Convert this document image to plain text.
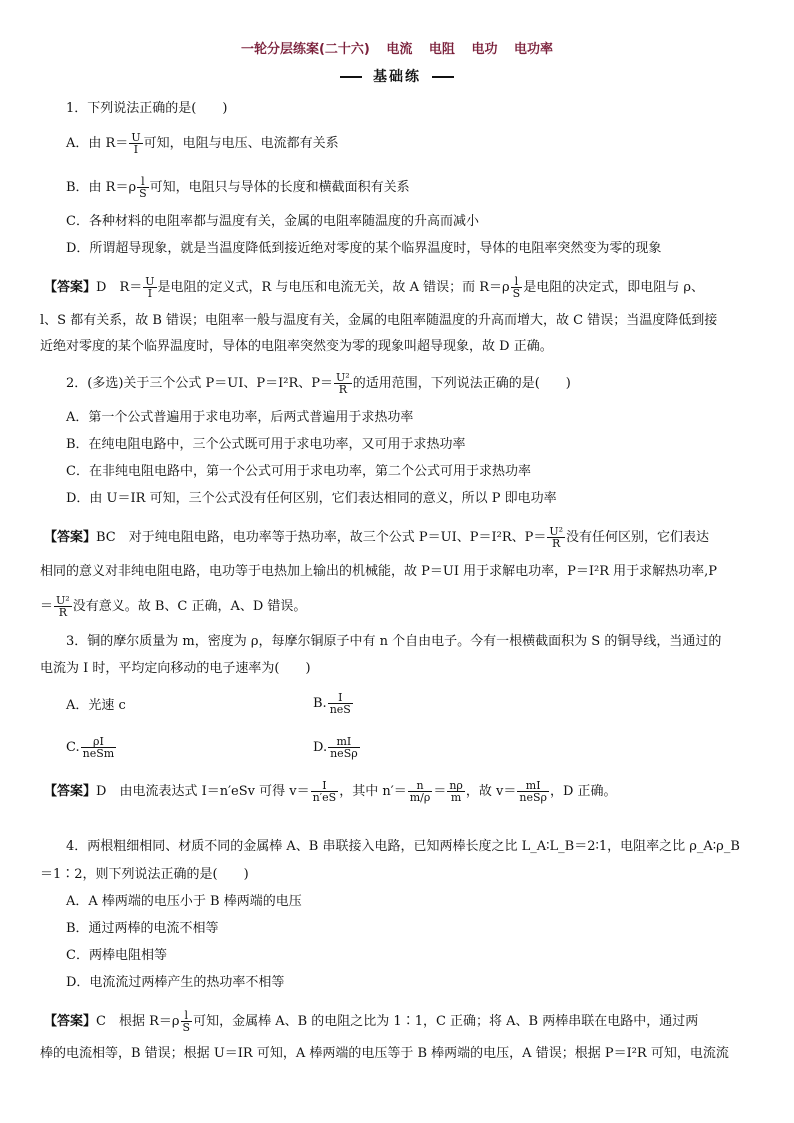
一轮分层练案(二十六) 电流 电阻 电功 电功率
基础练
1．下列说法正确的是(　　)
A．由 $R= \frac{U}{I}$ 可知，电阻与电压、电流都有关系
B．由 $R=\rho \frac{l}{S}$ 可知，电阻只与导体的长度和横截面积有关系
C．各种材料的电阻率都与温度有关，金属的电阻率随温度的升高而减小
D．所谓超导现象，就是当温度降低到接近绝对零度的某个临界温度时，导体的电阻率突然变为零的现象
【答案】D　$R= \frac{U}{I}$ 是电阻的定义式，R 与电压和电流无关，故 A 错误；而 $R=\rho \frac{l}{S}$ 是电阻的决定式，即电阻与 ρ、
l、S 都有关系，故 B 错误；电阻率一般与温度有关，金属的电阻率随温度的升高而增大，故 C 错误；当温度降低到接
近绝对零度的某个临界温度时，导体的电阻率突然变为零的现象叫超导现象，故 D 正确。
2．(多选)关于三个公式 P＝UI、P＝I²R、$P= \frac{\text{U²}}{R}$ 的适用范围，下列说法正确的是(　　)
A．第一个公式普遍用于求电功率，后两式普遍用于求热功率
B．在纯电阻电路中，三个公式既可用于求电功率，又可用于求热功率
C．在非纯电阻电路中，第一个公式可用于求电功率，第二个公式可用于求热功率
D．由 U＝IR 可知，三个公式没有任何区别，它们表达相同的意义，所以 P 即电功率
【答案】BC　对于纯电阻电路，电功率等于热功率，故三个公式 P＝UI、P＝I²R、$P= \frac{\text{U²}}{R}$ 没有任何区别，它们表达
相同的意义对非纯电阻电路，电功等于电热加上输出的机械能，故 P＝UI 用于求解电功率，P＝I²R 用于求解热功率,P
＝ $\frac{\text{U²}}{R}$ 没有意义。故 B、C 正确，A、D 错误。
3．铜的摩尔质量为 m，密度为 ρ，每摩尔铜原子中有 n 个自由电子。今有一根横截面积为 S 的铜导线，当通过的
电流为 I 时，平均定向移动的电子速率为(　　)
A．光速 c	B. $\frac{I}{\text{neS}}$
C. $\frac{\rho I}{\text{neSm}}$	D. $\frac{mI}{\text{neSρ}}$
【答案】D　由电流表达式 I＝n′eSv 可得 $v= \frac{I}{n'eS}$ ，其中 $n'= \frac{n}{m/\rho} = \frac{n\rho}{m}$ ，故 $v= \frac{mI}{\text{neSρ}}$ ，D 正确。
4．两根粗细相同、材质不同的金属棒 A、B 串联接入电路，已知两棒长度之比 L_A∶L_B＝2∶1，电阻率之比 ρ_A∶ρ_B
＝1∶2，则下列说法正确的是(　　)
A．A 棒两端的电压小于 B 棒两端的电压
B．通过两棒的电流不相等
C．两棒电阻相等
D．电流流过两棒产生的热功率不相等
【答案】C　根据 $R=\rho \frac{l}{S}$ 可知，金属棒 A、B 的电阻之比为 1∶1，C 正确；将 A、B 两棒串联在电路中，通过两
棒的电流相等，B 错误；根据 U＝IR 可知，A 棒两端的电压等于 B 棒两端的电压，A 错误；根据 P＝I²R 可知，电流流
